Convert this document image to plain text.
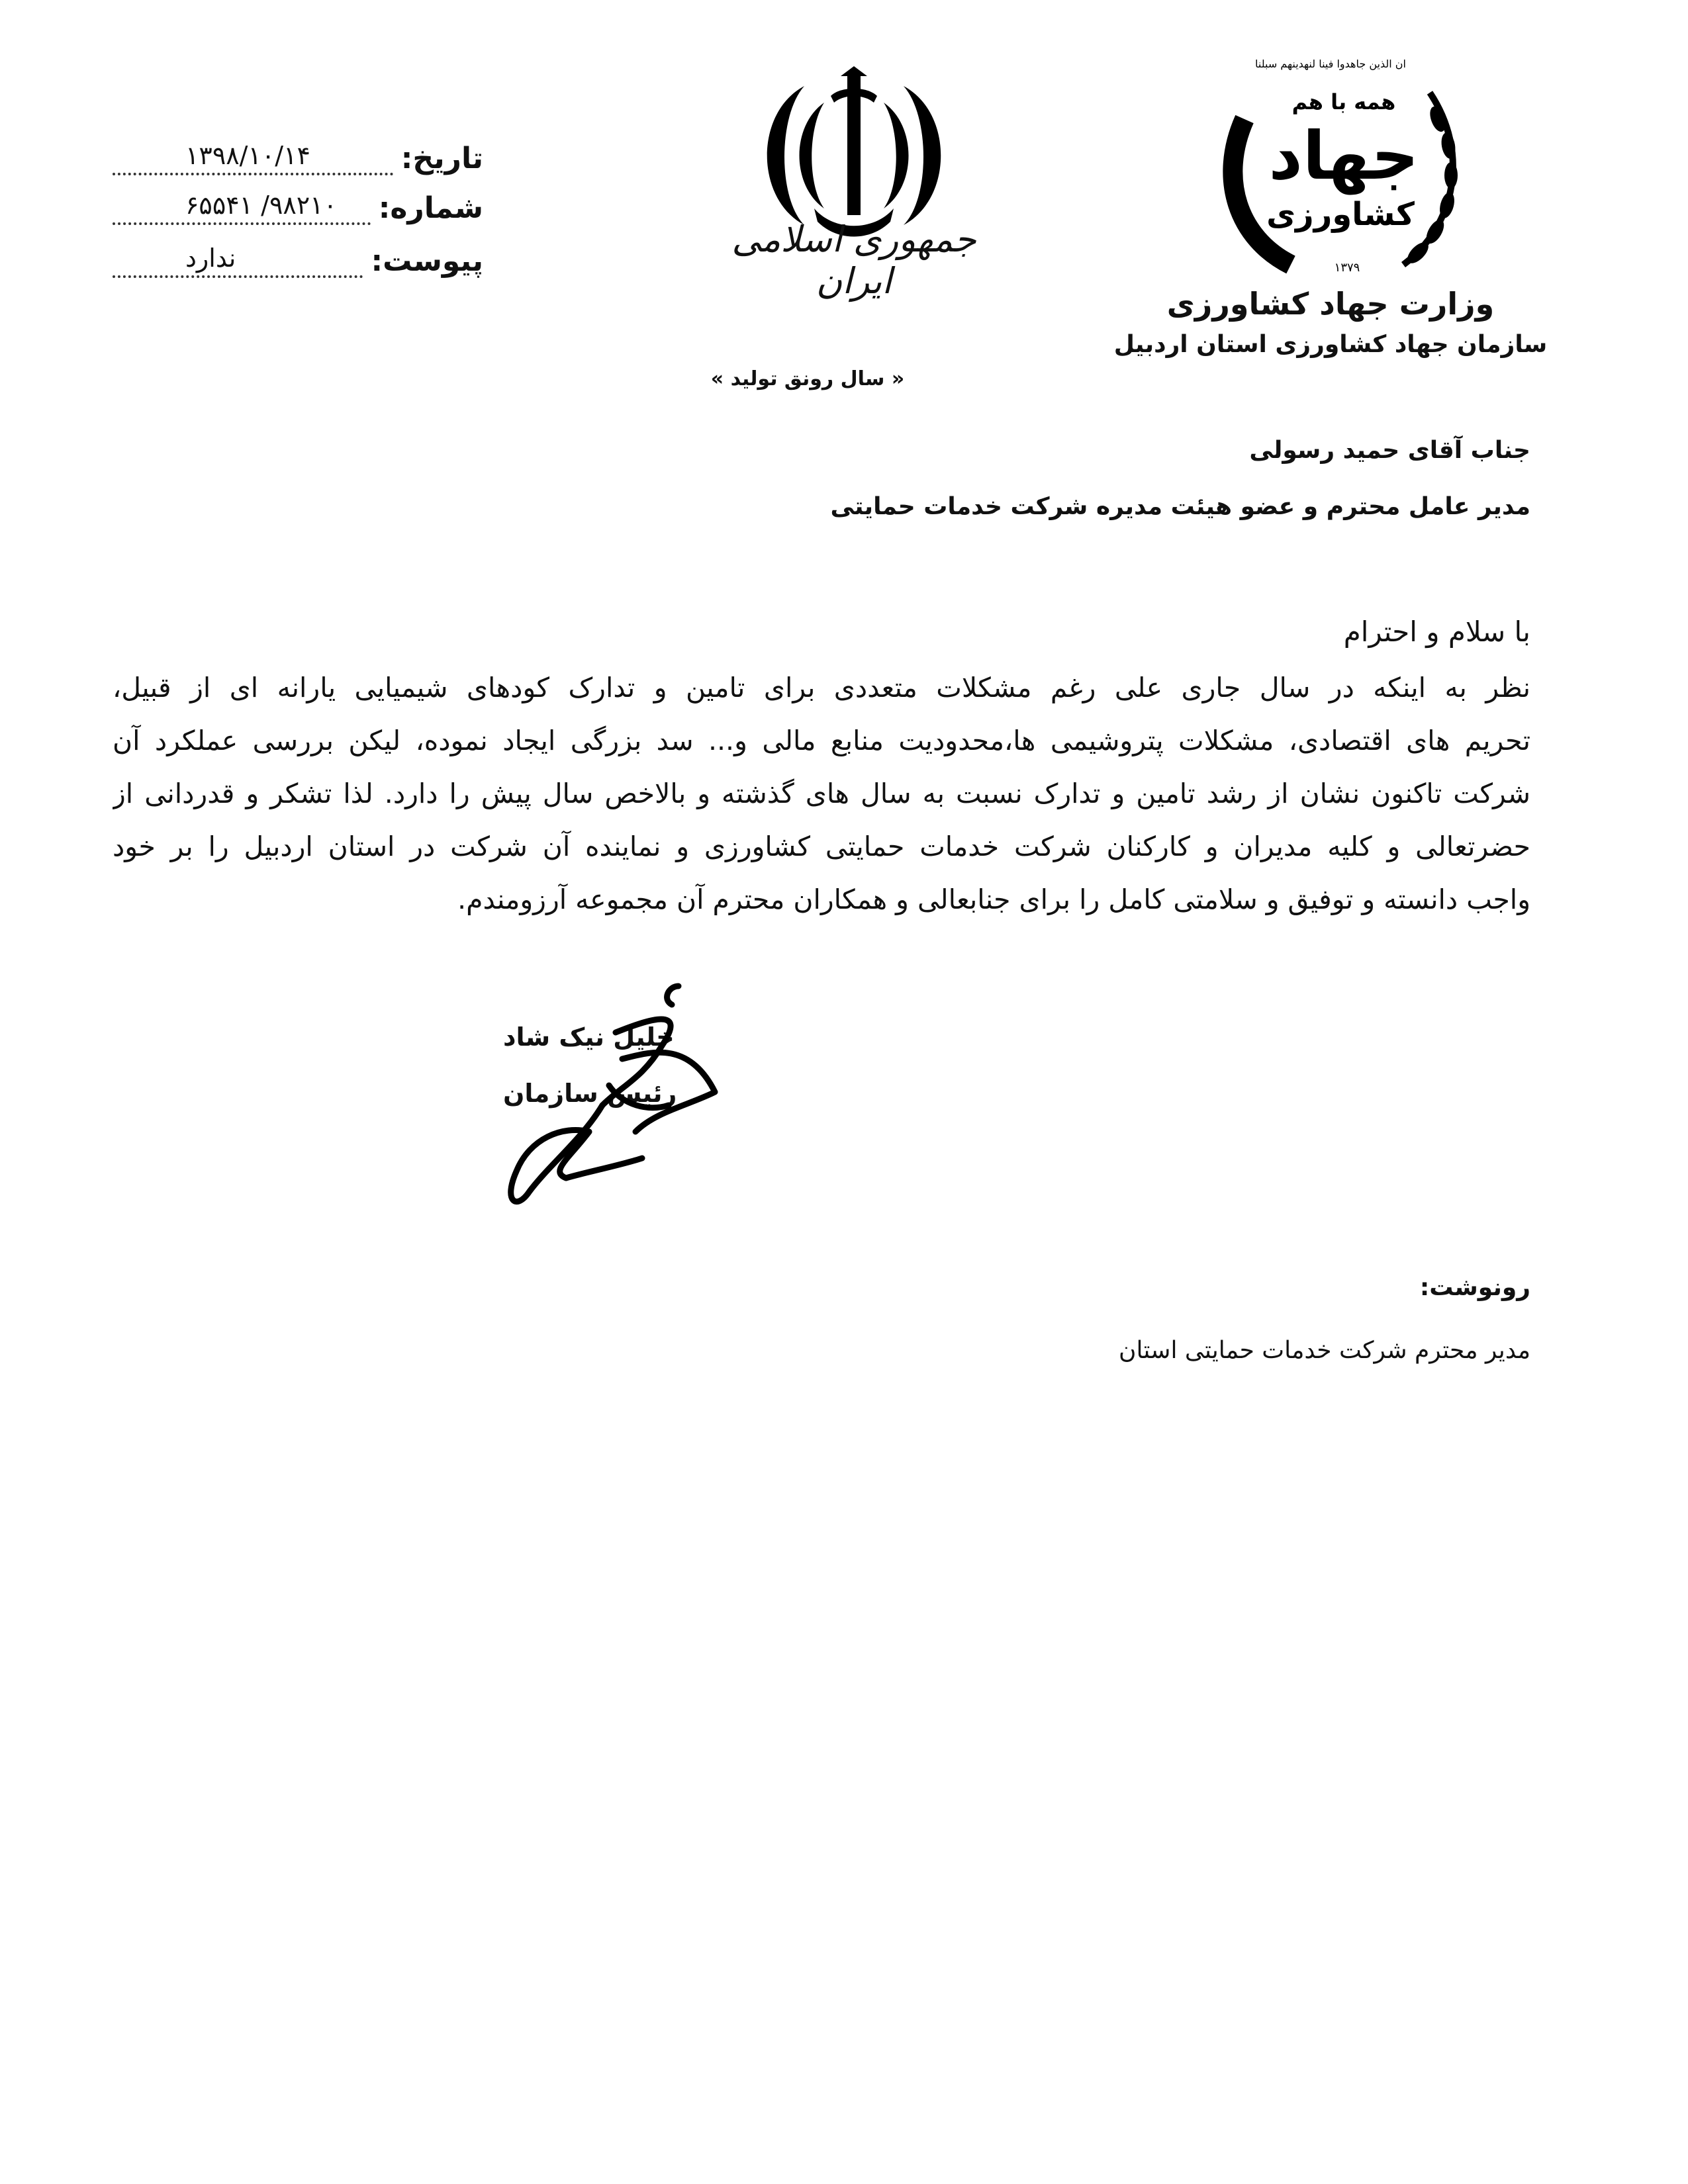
تاریخ:
۱۳۹۸/۱۰/۱۴
شماره:
۹۸۲۱۰/ ۶۵۵۴۱
پیوست:
ندارد	جمهوری اسلامی ایران
« سال رونق تولید »
ان الذین جاهدوا فینا لنهدینهم سبلنا
همه با هم
جهاد
کشاورزی
۱۳۷۹
وزارت جهاد کشاورزی
سازمان جهاد کشاورزی استان اردبیل
جناب آقای حمید رسولی
مدیر عامل محترم و عضو هیئت مدیره شرکت خدمات حمایتی
با سلام و احترام
نظر به اینکه در سال جاری علی رغم مشکلات متعددی برای تامین و تدارک کودهای شیمیایی یارانه ای از قبیل،
تحریم های اقتصادی، مشکلات پتروشیمی ها،محدودیت منابع مالی و... سد بزرگی ایجاد نموده، لیکن بررسی عملکرد آن
شرکت تاکنون نشان از رشد تامین و تدارک نسبت به سال های گذشته و بالاخص سال پیش را دارد. لذا تشکر و قدردانی از
حضرتعالی و کلیه مدیران و کارکنان شرکت خدمات حمایتی کشاورزی و نماینده آن شرکت در استان اردبیل را بر خود
واجب دانسته و توفیق و سلامتی کامل را برای جنابعالی و همکاران محترم آن مجموعه آرزومندم.
خلیل نیک شاد
رئیس سازمان
رونوشت:
مدیر محترم شرکت خدمات حمایتی استان
